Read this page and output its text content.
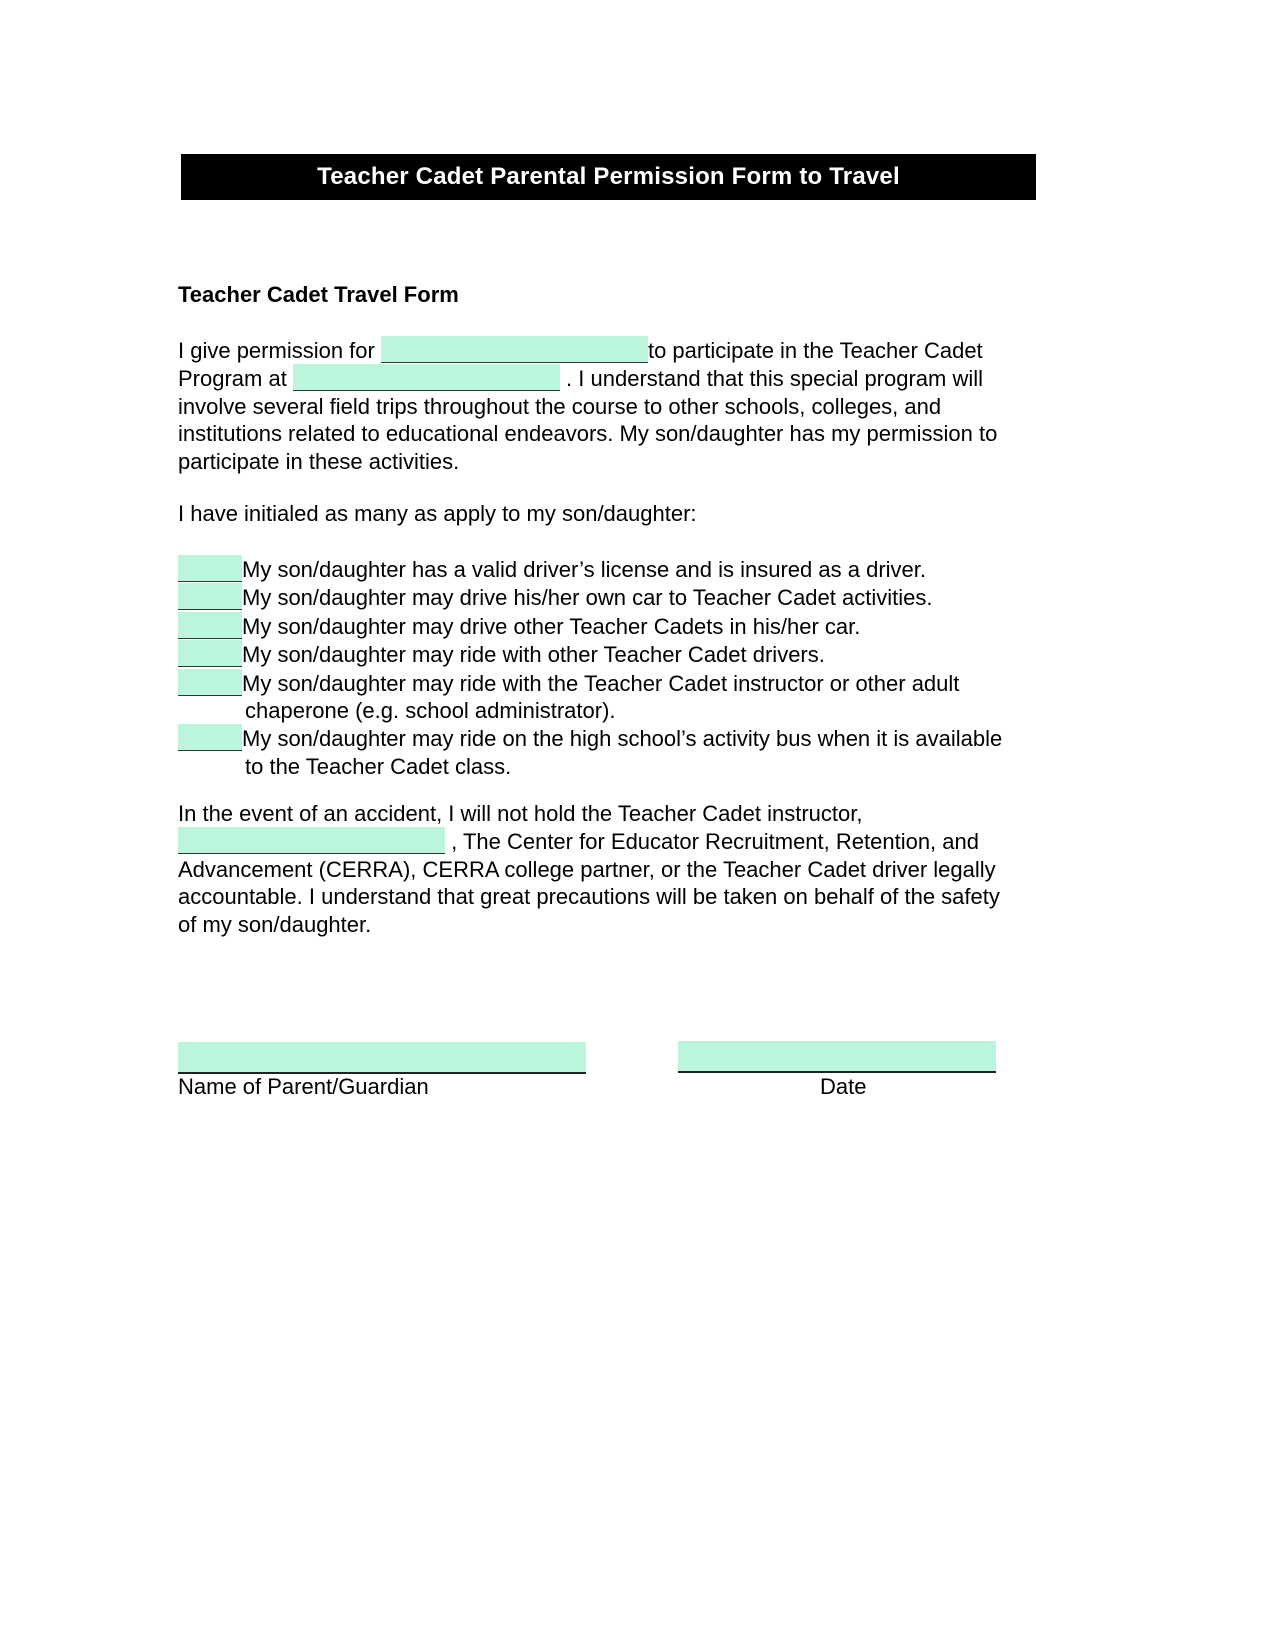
Teacher Cadet Parental Permission Form to Travel
Teacher Cadet Travel Form
I give permission for	to participate in the Teacher Cadet
Program at	. I understand that this special program will
involve several field trips throughout the course to other schools, colleges, and
institutions related to educational endeavors. My son/daughter has my permission to
participate in these activities.
I have initialed as many as apply to my son/daughter:
My son/daughter has a valid driver’s license and is insured as a driver.
My son/daughter may drive his/her own car to Teacher Cadet activities.
My son/daughter may drive other Teacher Cadets in his/her car.
My son/daughter may ride with other Teacher Cadet drivers.
My son/daughter may ride with the Teacher Cadet instructor or other adult
chaperone (e.g. school administrator).
My son/daughter may ride on the high school’s activity bus when it is available
to the Teacher Cadet class.
In the event of an accident, I will not hold the Teacher Cadet instructor,
, The Center for Educator Recruitment, Retention, and
Advancement (CERRA), CERRA college partner, or the Teacher Cadet driver legally
accountable. I understand that great precautions will be taken on behalf of the safety
of my son/daughter.
Name of Parent/Guardian	Date
